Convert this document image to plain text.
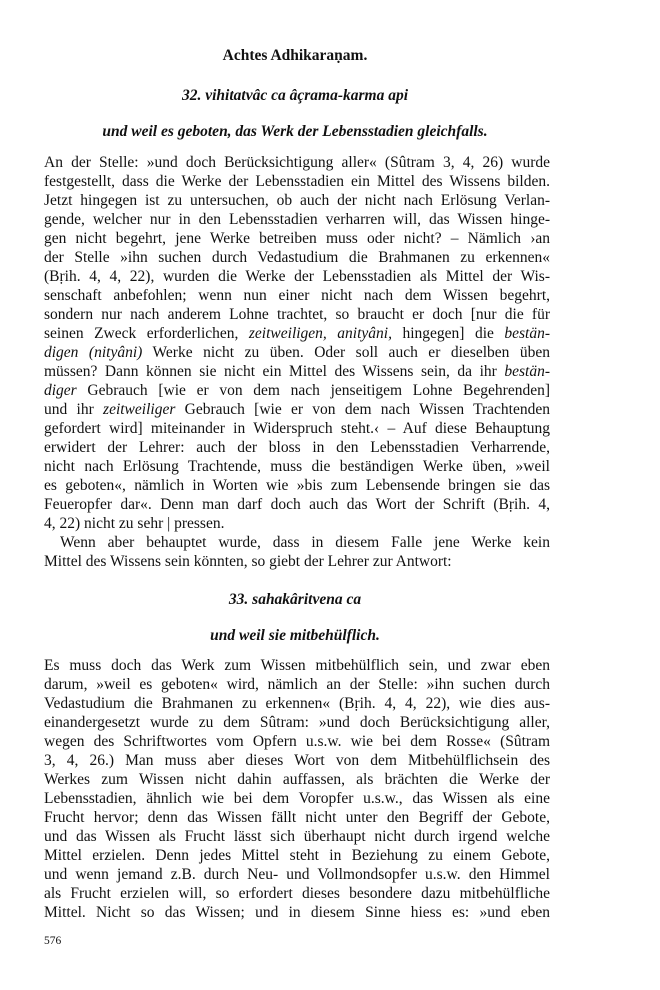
Achtes Adhikaraṇam.
32. vihitatvâc ca âçrama-karma api
und weil es geboten, das Werk der Lebensstadien gleichfalls.
An der Stelle: »und doch Berücksichtigung aller« (Sûtram 3, 4, 26) wurde
festgestellt, dass die Werke der Lebensstadien ein Mittel des Wissens bilden.
Jetzt hingegen ist zu untersuchen, ob auch der nicht nach Erlösung Verlan-
gende, welcher nur in den Lebensstadien verharren will, das Wissen hinge-
gen nicht begehrt, jene Werke betreiben muss oder nicht? – Nämlich ›an
der Stelle »ihn suchen durch Vedastudium die Brahmanen zu erkennen«
(Bṛih. 4, 4, 22), wurden die Werke der Lebensstadien als Mittel der Wis-
senschaft anbefohlen; wenn nun einer nicht nach dem Wissen begehrt,
sondern nur nach anderem Lohne trachtet, so braucht er doch [nur die für
seinen Zweck erforderlichen, zeitweiligen, anityâni, hingegen] die bestän-
digen (nityâni) Werke nicht zu üben. Oder soll auch er dieselben üben
müssen? Dann können sie nicht ein Mittel des Wissens sein, da ihr bestän-
diger Gebrauch [wie er von dem nach jenseitigem Lohne Begehrenden]
und ihr zeitweiliger Gebrauch [wie er von dem nach Wissen Trachtenden
gefordert wird] miteinander in Widerspruch steht.‹ – Auf diese Behauptung
erwidert der Lehrer: auch der bloss in den Lebensstadien Verharrende,
nicht nach Erlösung Trachtende, muss die beständigen Werke üben, »weil
es geboten«, nämlich in Worten wie »bis zum Lebensende bringen sie das
Feueropfer dar«. Denn man darf doch auch das Wort der Schrift (Bṛih. 4,
4, 22) nicht zu sehr | pressen.
Wenn aber behauptet wurde, dass in diesem Falle jene Werke kein
Mittel des Wissens sein könnten, so giebt der Lehrer zur Antwort:
33. sahakâritvena ca
und weil sie mitbehülflich.
Es muss doch das Werk zum Wissen mitbehülflich sein, und zwar eben
darum, »weil es geboten« wird, nämlich an der Stelle: »ihn suchen durch
Vedastudium die Brahmanen zu erkennen« (Bṛih. 4, 4, 22), wie dies aus-
einandergesetzt wurde zu dem Sûtram: »und doch Berücksichtigung aller,
wegen des Schriftwortes vom Opfern u.s.w. wie bei dem Rosse« (Sûtram
3, 4, 26.) Man muss aber dieses Wort von dem Mitbehülflichsein des
Werkes zum Wissen nicht dahin auffassen, als brächten die Werke der
Lebensstadien, ähnlich wie bei dem Voropfer u.s.w., das Wissen als eine
Frucht hervor; denn das Wissen fällt nicht unter den Begriff der Gebote,
und das Wissen als Frucht lässt sich überhaupt nicht durch irgend welche
Mittel erzielen. Denn jedes Mittel steht in Beziehung zu einem Gebote,
und wenn jemand z.B. durch Neu- und Vollmondsopfer u.s.w. den Himmel
als Frucht erzielen will, so erfordert dieses besondere dazu mitbehülfliche
Mittel. Nicht so das Wissen; und in diesem Sinne hiess es: »und eben
576
